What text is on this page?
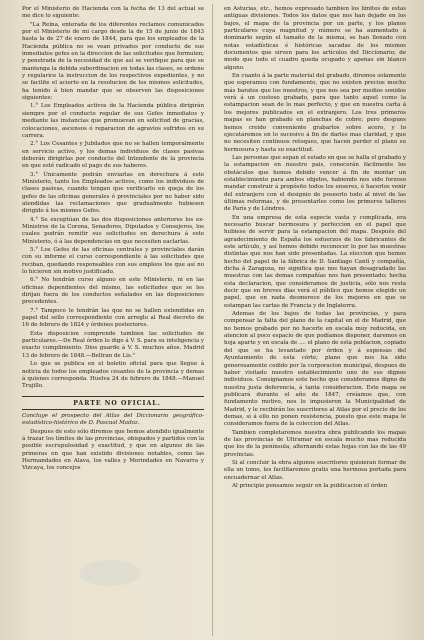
Por el Ministerio de Hacienda con la fecha de 13 del actual se me dice lo siguiente:

"La Reina, enterada de los diferentes reclamos comunicados por el Ministerio de mi cargo desde la de 15 de junio de 1843 hasta la de 27 de enero de 1844, para que los empleados de la Hacienda pública no se vean privados por conducto de sus inmediatos gefes en la direccion de las solicitudes que formulen; y penetrada de la necesidad de que así se verifique para que se mantenga la debida subordinacion en todas las clases, se ordene y regularice la instruccion de los respectivos expedientes, y no se facilite el acierto en la resolucion de los mismos solicitudes, ha tenido á bien mandar que se observen las disposiciones siguientes:

1.° Los Empleados activos de la Hacienda pública dirigirán siempre por el conducto regular de sus Gefes inmediatos y mediante las instancias que promuevan en solicitud de gracias, colocaciones, ascensos ó reparacion de agravios sufridos en su carrera.

2.° Los Cesantes y Jubilados que no se hallen temporalmente en servicio activo, y los demas individuos de clases pasivas deberán dirigirlas por conducto del Intendente de la provincia en que esté radicado el pago de sus haberes.

3.° Únicamente podrán enviarlas en derechura á este Ministerio, tanto los Empleados activos, como los individuos de clases pasivas, cuando tengan que verificarlo en queja de los gefes de las oficinas generales ó provinciales por no haber sido atendidas las reclamaciones que gradualmente hubiesen dirigido á los mismos Gefes.

4.° Se exceptúan de las dos disposiciones anteriores los ex-Ministros de la Corona, Senadores, Diputados y Consejeros, los cuales podrán remitir sus solicitudes en derechura á este Ministerio, ó á las dependencias en que necesiten eaclarlas.

5.° Los Gefes de las oficinas centrales y provinciales darán con su informe el curso correspondiente á las solicitudes que reciban, quedando responsables con sus empleos los que así no lo hicieren sin motivo justificado.

6.° No tendrán curso alguno en este Ministerio, ni en las oficinas dependientes del mismo, las solicitudes que se les dirijan fuera de los conductos señalados en las disposiciones precedentes.

7.° Tampoco le tendrán las que no se hallen extendidas en papel del sello correspondiente con arreglo al Real decreto de 16 de febrero de 1824 y órdenes posteriores.

Esta disposicion comprende tambien las solicitudes de particulares.—De Real órden lo digo á V. S. para su inteligencia y exacto cumplimiento. Dios guarde á V. S. muchos años. Madrid 13 de febrero de 1848.—Beltran de Lis."

Lo que se publica en el boletin oficial para que llegue á noticia de todos los empleados cesantes de la provincia y demas á quienes corresponda. Huelva 24 de febrero de 1848.—Manuel Trujillo.

PARTE NO OFICIAL.

Concluye el prospecto del Atlas del Diccionario geográfico-estadístico-histórico de D. Pascual Madoz.

Despues de esto sólo diremos que hemos atendido igualmente á trazar los límites de las provincias, obispados y partidos con la posible escrupulosidad y exactitud, y que en algunos de las primeras en que han existido divisiones notables, como las Hermandades en Alava, los valles y Merindades en Navarra y Vizcaya, los concejos

en Asturias, etc., hemos expresado tambien los límites de estas antiguas divisiones. Todos los datos que nos han dejado en los bajos, el mapa de la provincia por un parte, y los planos particulares cuya magnitud y número se ha aumentado á dominarlo según el tamaño de la misma, se han llenado con notas estadísticas é históricas sacadas de los mismos documentos que sirven para los artículos del Diccionario; de modo que todo el cuadro queda ocupado y apenas sin blanco alguno.

En cuanto á la parte material del grabado, diremos solamente que esperamos con fundamento, que no existen precios mucho más baratos que los nuestros, y que nos sea por medios sonidos verá á un costoso grabado, para que tanto aquel como la estampacion sean de lo mas perfecto, y que en nuestra carta á los mejores publicados en el extranjero. Los tres primeros mapas se han grabado en planchas de cobre; pero despues hemos creido conveniente grabarlos sobre acero, y lo ejecutaremos en lo sucesivo á fin de darles mas claridad, y que no necesiten contínuos retoques, que hacen perder el plano su hermosura y hasta su exactitud.

Las personas que sepan el estado en que se halla el grabado y la estampacion en nuestro pais, conocerán fácilmente los obstáculos que hemos debido vencer á fin de montar un establecimiento para ambos objetos, habiendo nos sido forzoso mandar construir á propósito todos los enseres, é hacerlos venir del extranjero con el designio de poseerlo todo al nivel de las últimas reformas, y de presentarles como los primeros talleres de París y de Lóndres.

En una empresa de esta especie vasta y complicada, era necesario buscar hermosura y perfeccion en el papel que hubiese de servir para la estampacion del mapa. Después del agradecimiento de España los esfuerzos de los fabricantes de este artículo, y así hemos debido reconocer lo por las muestras distintas que nos han sido presentadas. La eleccion que hemos hecho del papel de la fábrica de D. Santiago Cantí y compañía, dicha á Zaragoza, no significa que nos hayan desagradado las muestras con las demas compañías nos han presentado; hecha esta declaracion, que consideramos de justicia, sólo nos resta decir que en breves dias verá el público que hemos elegido un papel, que en nada desmerece de los mejores en que se estampan las cartas de Francia y de Inglaterra.

Ademas de los bajos de todas las provincias, y para compensar la falta del plano de la capital en el de Madrid, que no hemos grabado por no hacerle en escala muy reducida, en atencion al poco espacio de que podíamos disponer, daremos en hoja aparte y en escala de .... el plano de esta poblacion, copiado del que se ha levantado por órden y á espensas del Ayuntamiento de esta córte; plano que nos ha sido generosamente cedido por la corporacion municipal, despues de haber visitado nuestro establecimiento uno de sus dignos individuos. Consignamos este hecho que consideramos digno de nuestra justa deferencia, á tanta consideracion. Este mapa se publicará durante el año de 1847, creíamos que, con fundamento motivo, nos lo impusieron la Municipalidad de Madrid, y le recibirán los suscritores al Atlas por el precio de los demas, si á ello no ponen resistencia, puesto que este mapa le consideramos fuera de la coleccion del Atlas.

Tambien completaremos nuestra obra publicando los mapas de las provincias de Ultramar en escala mucho mas reducida que los de la península, alternando estas hojas con las de las 49 provincias.

Si al concluir la obra algunos suscritores quisieran formar de ella un tomo, les facilitaremos gratis una hermosa portada para encuadernar el Atlas.

Al principio pensamos seguir en la publicacion el órden
